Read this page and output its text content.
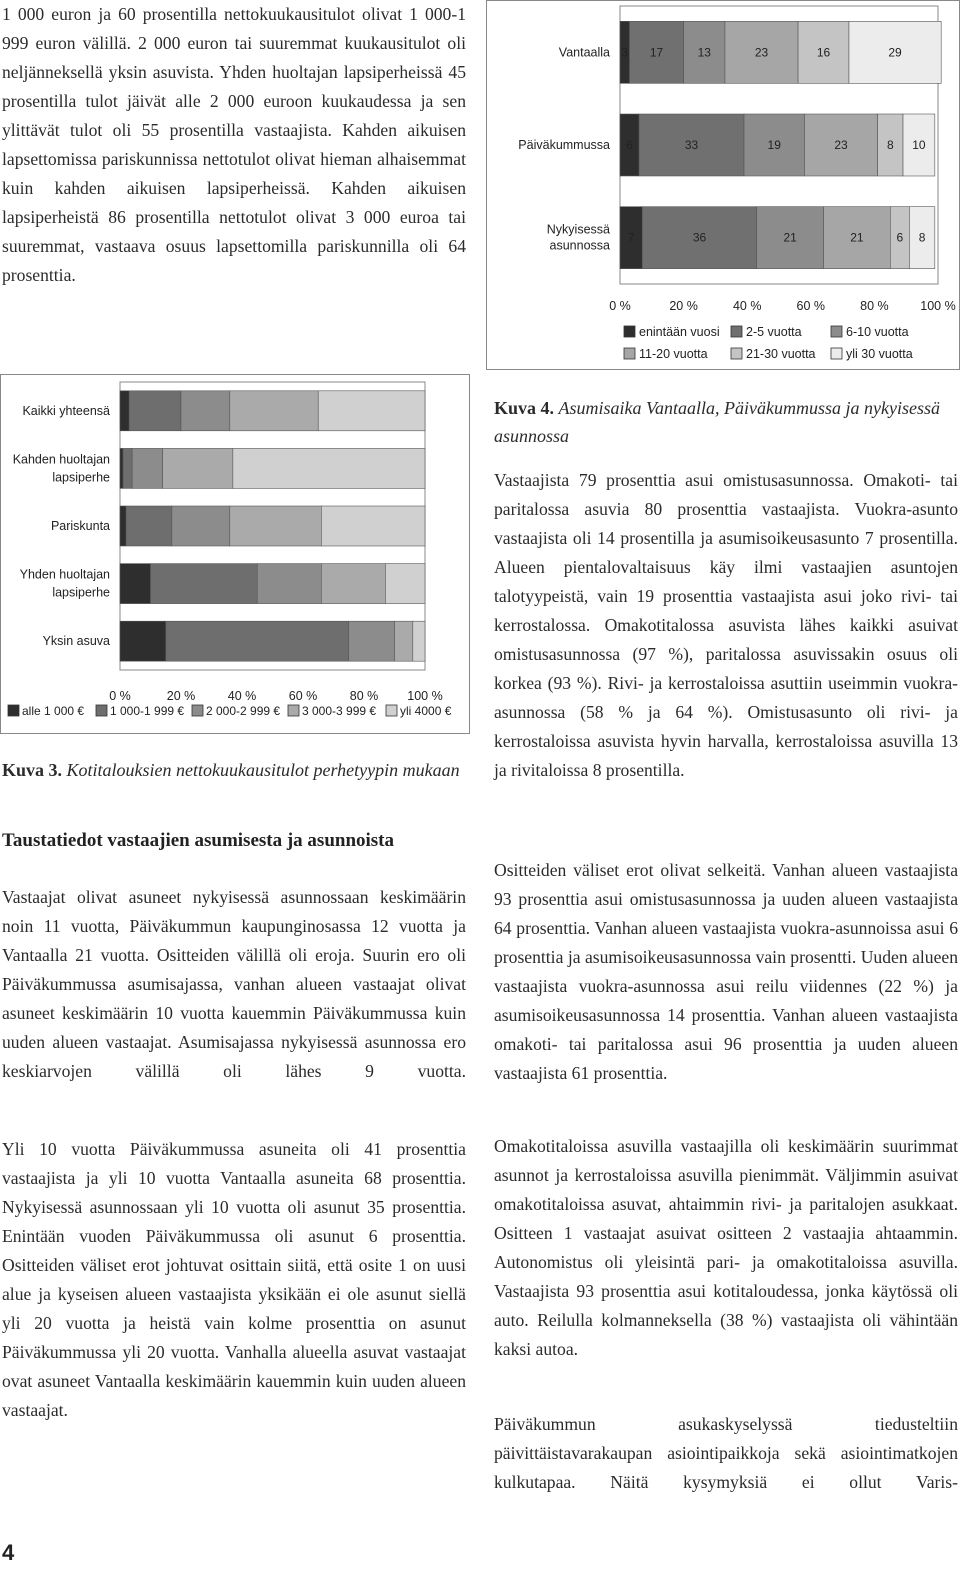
1 000 euron ja 60 prosentilla nettokuukausitulot olivat 1 000-1 999 euron välillä. 2 000 euron tai suuremmat kuukausitulot oli neljänneksellä yksin asuvista. Yhden huoltajan lapsiperheissä 45 prosentilla tulot jäivät alle 2 000 euroon kuukaudessa ja sen ylittävät tulot oli 55 prosentilla vastaajista. Kahden aikuisen lapsettomissa pariskunnissa nettotulot olivat hieman alhaisemmat kuin kahden aikuisen lapsiperheissä. Kahden aikuisen lapsiperheistä 86 prosentilla nettotulot olivat 3 000 euroa tai suuremmat, vastaava osuus lapsettomilla pariskunnilla oli 64 prosenttia.

Vantaalla 3 17	13	23	16	29
Päiväkummussa 6	33	19	23	8 10
Nykyisessä
asunnossa
7	36	21	21	6 8
0 %	20 %	40 %	60 %	80 %	100 %
enintään vuosi 2-5 vuotta	6-10 vuotta
11-20 vuotta	21-30 vuotta yli 30 vuotta
Kaikki yhteensä
Kahden huoltajan
lapsiperhe
Pariskunta
Yhden huoltajan
lapsiperhe
Yksin asuva
0 %	20 %	40 %	60 %	80 % 100 %
alle 1 000 € 1 000-1 999 € 2 000-2 999 € 3 000-3 999 € yli 4000 €

Kuva 3. Kotitalouksien nettokuukausitulot perhetyypin mukaan

Taustatiedot vastaajien asumisesta ja asunnoista

Vastaajat olivat asuneet nykyisessä asunnossaan keskimäärin noin 11 vuotta, Päiväkummun kaupunginosassa 12 vuotta ja Vantaalla 21 vuotta. Ositteiden välillä oli eroja. Suurin ero oli Päiväkummussa asumisajassa, vanhan alueen vastaajat olivat asuneet keskimäärin 10 vuotta kauemmin Päiväkummussa kuin uuden alueen vastaajat. Asumisajassa nykyisessä asunnossa ero keskiarvojen välillä oli lähes 9 vuotta.

Yli 10 vuotta Päiväkummussa asuneita oli 41 prosenttia vastaajista ja yli 10 vuotta Vantaalla asuneita 68 prosenttia. Nykyisessä asunnossaan yli 10 vuotta oli asunut 35 prosenttia. Enintään vuoden Päiväkummussa oli asunut 6 prosenttia. Ositteiden väliset erot johtuvat osittain siitä, että osite 1 on uusi alue ja kyseisen alueen vastaajista yksikään ei ole asunut siellä yli 20 vuotta ja heistä vain kolme prosenttia on asunut Päiväkummussa yli 20 vuotta. Vanhalla alueella asuvat vastaajat ovat asuneet Vantaalla keskimäärin kauemmin kuin uuden alueen vastaajat.

Kuva 4. Asumisaika Vantaalla, Päiväkummussa ja nykyisessä asunnossa

Vastaajista 79 prosenttia asui omistusasunnossa. Omakoti- tai paritalossa asuvia 80 prosenttia vastaajista. Vuokra-asunto vastaajista oli 14 prosentilla ja asumisoikeusasunto 7 prosentilla. Alueen pientalovaltaisuus käy ilmi vastaajien asuntojen talotyypeistä, vain 19 prosenttia vastaajista asui joko rivi- tai kerrostalossa. Omakotitalossa asuvista lähes kaikki asuivat omistusasunnossa (97 %), paritalossa asuvissakin osuus oli korkea (93 %). Rivi- ja kerrostaloissa asuttiin useimmin vuokra-asunnossa (58 % ja 64 %). Omistusasunto oli rivi- ja kerrostaloissa asuvista hyvin harvalla, kerrostaloissa asuvilla 13 ja rivitaloissa 8 prosentilla.

Ositteiden väliset erot olivat selkeitä. Vanhan alueen vastaajista 93 prosenttia asui omistusasunnossa ja uuden alueen vastaajista 64 prosenttia. Vanhan alueen vastaajista vuokra-asunnoissa asui 6 prosenttia ja asumisoikeusasunnossa vain prosentti. Uuden alueen vastaajista vuokra-asunnossa asui reilu viidennes (22 %) ja asumisoikeusasunnossa 14 prosenttia. Vanhan alueen vastaajista omakoti- tai paritalossa asui 96 prosenttia ja uuden alueen vastaajista 61 prosenttia.

Omakotitaloissa asuvilla vastaajilla oli keskimäärin suurimmat asunnot ja kerrostaloissa asuvilla pienimmät. Väljimmin asuivat omakotitaloissa asuvat, ahtaimmin rivi- ja paritalojen asukkaat. Ositteen 1 vastaajat asuivat ositteen 2 vastaajia ahtaammin. Autonomistus oli yleisintä pari- ja omakotitaloissa asuvilla. Vastaajista 93 prosenttia asui kotitaloudessa, jonka käytössä oli auto. Reilulla kolmanneksella (38 %) vastaajista oli vähintään kaksi autoa.

Päiväkummun asukaskyselyssä tiedusteltiin päivittäistavarakaupan asiointipaikkoja sekä asiointimatkojen kulkutapaa. Näitä kysymyksiä ei ollut Varis-

4
